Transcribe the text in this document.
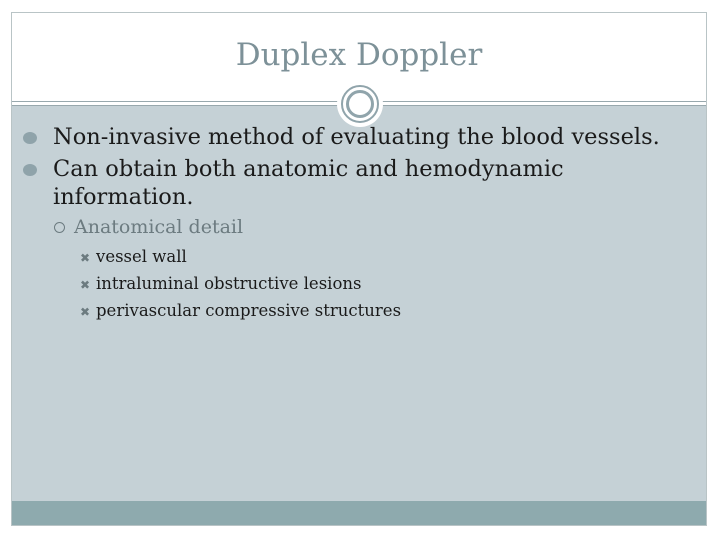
Duplex Doppler
Non-invasive method of evaluating the blood vessels.
Can obtain both anatomic and hemodynamic information.
Anatomical detail
✖ vessel wall
✖ intraluminal obstructive lesions
✖ perivascular compressive structures
